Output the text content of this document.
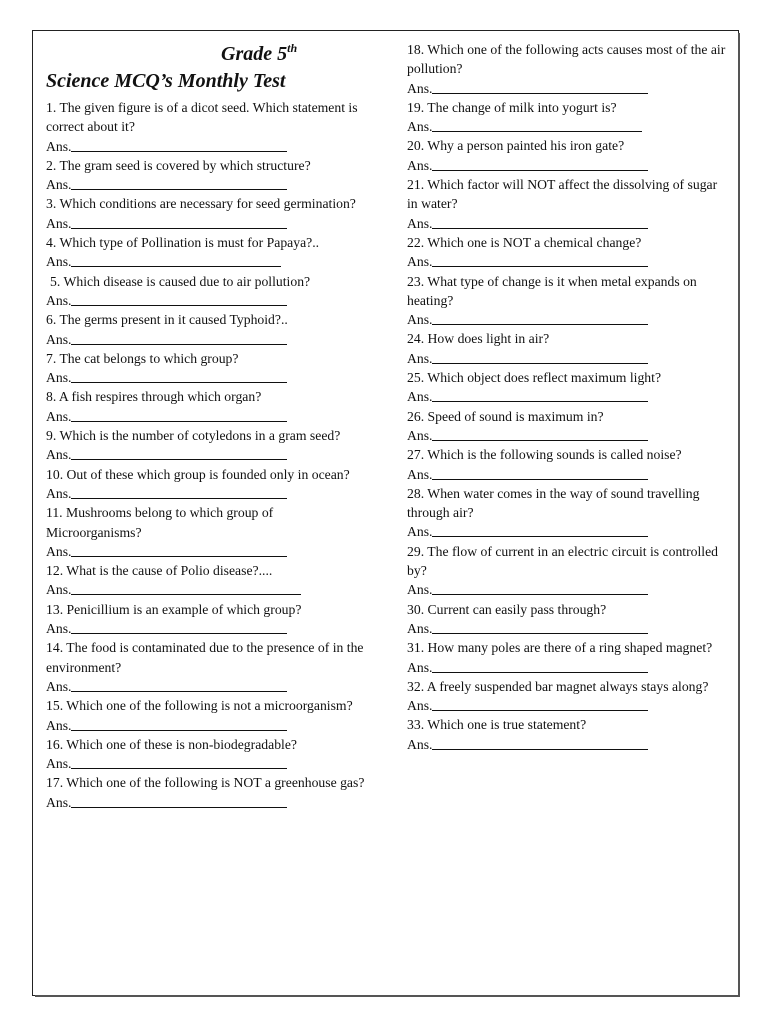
Grade 5th
Science MCQ’s Monthly Test

1. The given figure is of a dicot seed. Which statement is correct about it?

Ans.

2. The gram seed is covered by which structure?

Ans.

3. Which conditions are necessary for seed germination?

Ans.

4. Which type of Pollination is must for Papaya?..

Ans.

5. Which disease is caused due to air pollution?

Ans.

6. The germs present in it caused Typhoid?..

Ans.

7. The cat belongs to which group?

Ans.

8. A fish respires through which organ?

Ans.

9. Which is the number of cotyledons in a gram seed?

Ans.

10. Out of these which group is founded only in ocean?

Ans.

11. Mushrooms belong to which group of Microorganisms?

Ans.

12. What is the cause of Polio disease?....

Ans.

13. Penicillium is an example of which group?

Ans.

14. The food is contaminated due to the presence of in the

environment?

Ans.

15. Which one of the following is not a microorganism?

Ans.

16. Which one of these is non-biodegradable?

Ans.

17. Which one of the following is NOT a greenhouse gas?

Ans.

18. Which one of the following acts causes most of the air pollution?

Ans.

19. The change of milk into yogurt is?

Ans.

20. Why a person painted his iron gate?

Ans.

21. Which factor will NOT affect the dissolving of sugar in water?

Ans.

22. Which one is NOT a chemical change?

Ans.

23. What type of change is it when metal expands on heating?

Ans.

24. How does light in air?

Ans.

25. Which object does reflect maximum light?

Ans.

26. Speed of sound is maximum in?

Ans.

27. Which is the following sounds is called noise?

Ans.

28. When water comes in the way of sound travelling through air?

Ans.

29. The flow of current in an electric circuit is controlled by?

Ans.

30. Current can easily pass through?

Ans.

31. How many poles are there of a ring shaped magnet?

Ans.

32. A freely suspended bar magnet always stays along?

Ans.

33. Which one is true statement?

Ans.
